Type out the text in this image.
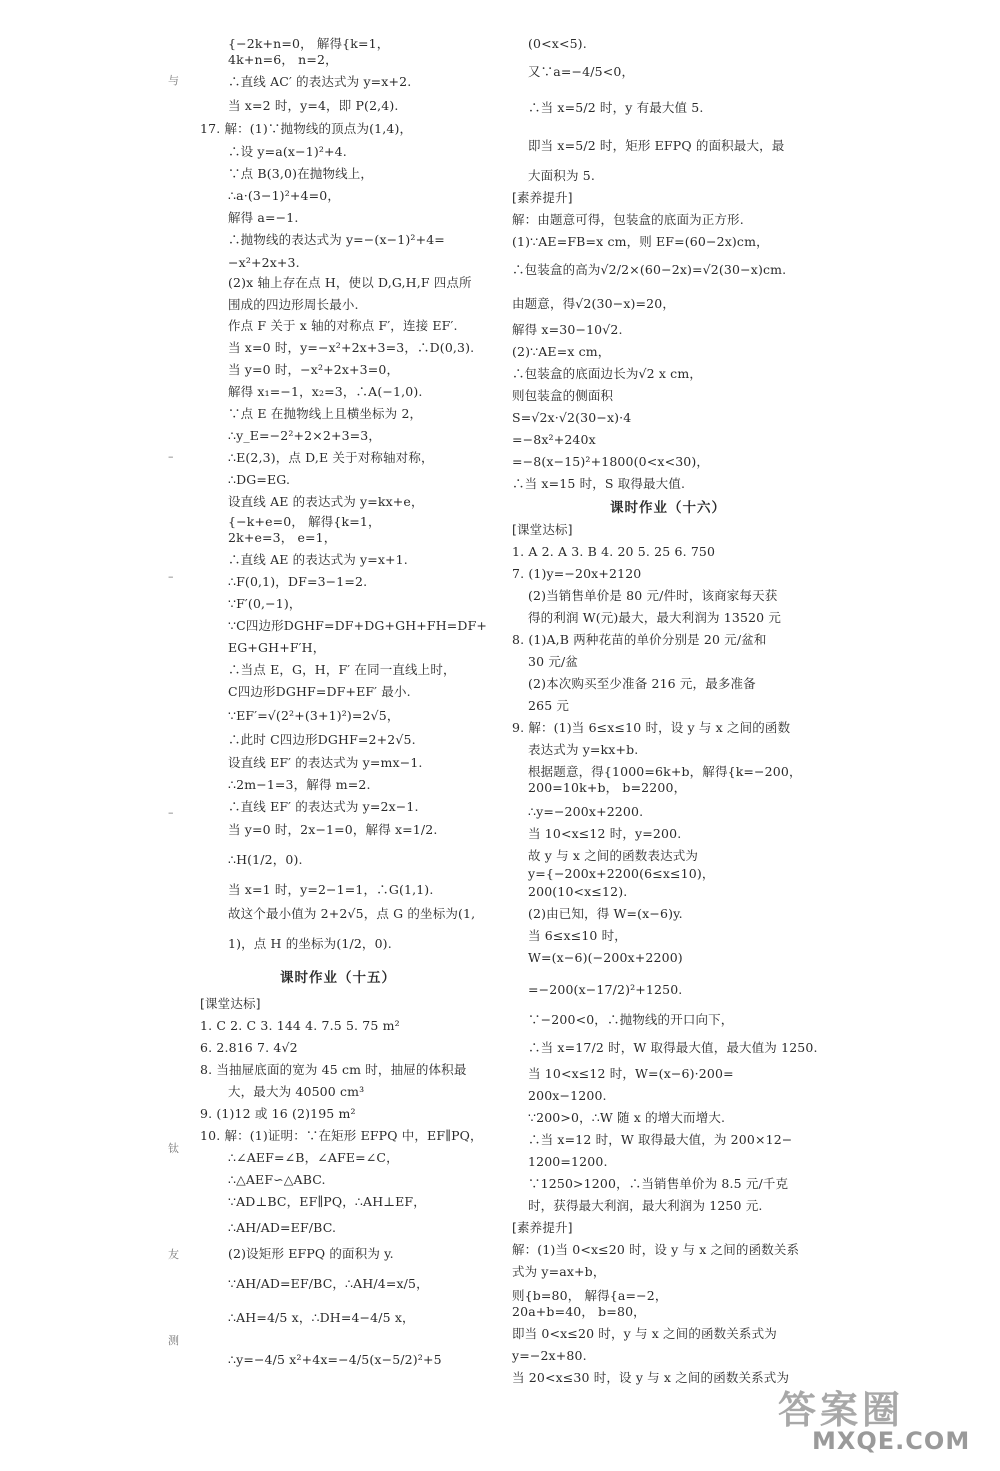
{−2k+n=0， 解得{k=1，
4k+n=6， n=2，
∴直线 AC′ 的表达式为 y=x+2.
当 x=2 时，y=4，即 P(2,4).
17. 解：(1)∵抛物线的顶点为(1,4)，
∴设 y=a(x−1)²+4.
∵点 B(3,0)在抛物线上，
∴a·(3−1)²+4=0，
解得 a=−1.
∴抛物线的表达式为 y=−(x−1)²+4=
−x²+2x+3.
(2)x 轴上存在点 H，使以 D,G,H,F 四点所
围成的四边形周长最小.
作点 F 关于 x 轴的对称点 F′，连接 EF′.
当 x=0 时，y=−x²+2x+3=3，∴D(0,3).
当 y=0 时，−x²+2x+3=0，
解得 x₁=−1，x₂=3，∴A(−1,0).
∵点 E 在抛物线上且横坐标为 2，
∴y_E=−2²+2×2+3=3，
∴E(2,3)，点 D,E 关于对称轴对称，
∴DG=EG.
设直线 AE 的表达式为 y=kx+e，
{−k+e=0， 解得{k=1，
2k+e=3， e=1，
∴直线 AE 的表达式为 y=x+1.
∴F(0,1)，DF=3−1=2.
∵F′(0,−1)，
∵C四边形DGHF=DF+DG+GH+FH=DF+
EG+GH+F′H，
∴当点 E，G，H，F′ 在同一直线上时，
C四边形DGHF=DF+EF′ 最小.
∵EF′=√(2²+(3+1)²)=2√5，
∴此时 C四边形DGHF=2+2√5.
设直线 EF′ 的表达式为 y=mx−1.
∴2m−1=3，解得 m=2.
∴直线 EF′ 的表达式为 y=2x−1.
当 y=0 时，2x−1=0，解得 x=1/2.
∴H(1/2，0).
当 x=1 时，y=2−1=1，∴G(1,1).
故这个最小值为 2+2√5，点 G 的坐标为(1,
1)，点 H 的坐标为(1/2，0).
课时作业（十五）
[课堂达标]
1. C 2. C 3. 144 4. 7.5 5. 75 m²
6. 2.816 7. 4√2
8. 当抽屉底面的宽为 45 cm 时，抽屉的体积最
大，最大为 40500 cm³
9. (1)12 或 16 (2)195 m²
10. 解：(1)证明：∵在矩形 EFPQ 中，EF∥PQ，
∴∠AEF=∠B，∠AFE=∠C，
∴△AEF∽△ABC.
∵AD⊥BC，EF∥PQ，∴AH⊥EF，
∴AH/AD=EF/BC.
(2)设矩形 EFPQ 的面积为 y.
∵AH/AD=EF/BC，∴AH/4=x/5，
∴AH=4/5 x，∴DH=4−4/5 x，
∴y=−4/5 x²+4x=−4/5(x−5/2)²+5
(0<x<5).
又∵a=−4/5<0，
∴当 x=5/2 时，y 有最大值 5.
即当 x=5/2 时，矩形 EFPQ 的面积最大，最
大面积为 5.
[素养提升]
解：由题意可得，包装盒的底面为正方形.
(1)∵AE=FB=x cm，则 EF=(60−2x)cm，
∴包装盒的高为√2/2×(60−2x)=√2(30−x)cm.
由题意，得√2(30−x)=20，
解得 x=30−10√2.
(2)∵AE=x cm，
∴包装盒的底面边长为√2 x cm，
则包装盒的侧面积
S=√2x·√2(30−x)·4
=−8x²+240x
=−8(x−15)²+1800(0<x<30)，
∴当 x=15 时，S 取得最大值.
课时作业（十六）
[课堂达标]
1. A 2. A 3. B 4. 20 5. 25 6. 750
7. (1)y=−20x+2120
(2)当销售单价是 80 元/件时，该商家每天获
得的利润 W(元)最大，最大利润为 13520 元
8. (1)A,B 两种花苗的单价分别是 20 元/盆和
30 元/盆
(2)本次购买至少准备 216 元，最多准备
265 元
9. 解：(1)当 6≤x≤10 时，设 y 与 x 之间的函数
表达式为 y=kx+b.
根据题意，得{1000=6k+b，解得{k=−200，
200=10k+b， b=2200，
∴y=−200x+2200.
当 10<x≤12 时，y=200.
故 y 与 x 之间的函数表达式为
y={−200x+2200(6≤x≤10)，
200(10<x≤12).
(2)由已知，得 W=(x−6)y.
当 6≤x≤10 时，
W=(x−6)(−200x+2200)
=−200(x−17/2)²+1250.
∵−200<0，∴抛物线的开口向下，
∴当 x=17/2 时，W 取得最大值，最大值为 1250.
当 10<x≤12 时，W=(x−6)·200=
200x−1200.
∵200>0，∴W 随 x 的增大而增大.
∴当 x=12 时，W 取得最大值，为 200×12−
1200=1200.
∵1250>1200，∴当销售单价为 8.5 元/千克
时，获得最大利润，最大利润为 1250 元.
[素养提升]
解：(1)当 0<x≤20 时，设 y 与 x 之间的函数关系
式为 y=ax+b，
则{b=80， 解得{a=−2，
20a+b=40， b=80，
即当 0<x≤20 时，y 与 x 之间的函数关系式为
y=−2x+80.
当 20<x≤30 时，设 y 与 x 之间的函数关系式为
与
–
–
–
钛
友
测
答案圈
MXQE.COM
